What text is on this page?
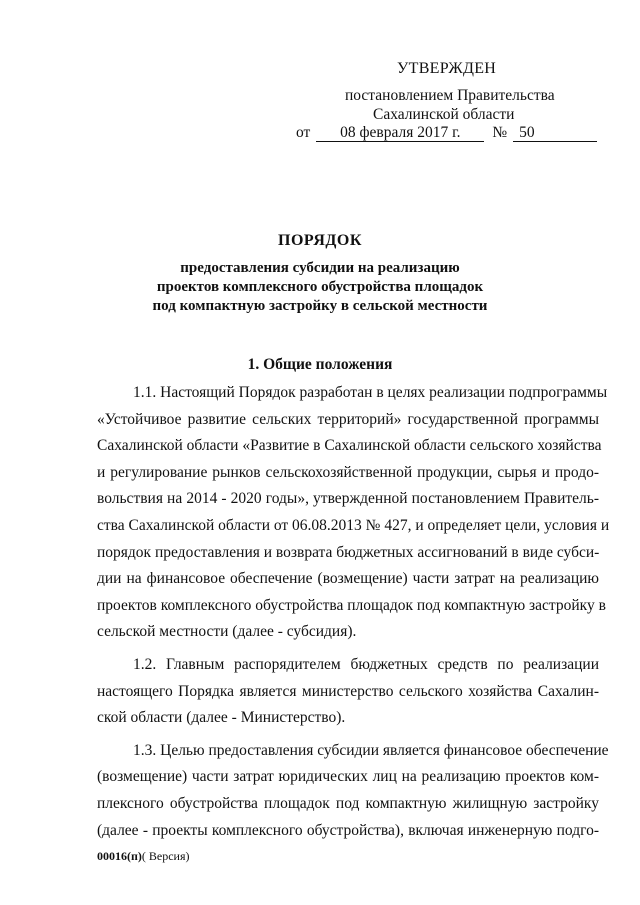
УТВЕРЖДЕН
постановлением Правительства
Сахалинской области
от 08 февраля 2017 г. № 50
ПОРЯДОК
предоставления субсидии на реализацию
проектов комплексного обустройства площадок
под компактную застройку в сельской местности
1. Общие положения
1.1. Настоящий Порядок разработан в целях реализации подпрограммы
«Устойчивое развитие сельских территорий» государственной программы
Сахалинской области «Развитие в Сахалинской области сельского хозяйства
и регулирование рынков сельскохозяйственной продукции, сырья и продо-
вольствия на 2014 - 2020 годы», утвержденной постановлением Правитель-
ства Сахалинской области от 06.08.2013 № 427, и определяет цели, условия и
порядок предоставления и возврата бюджетных ассигнований в виде субси-
дии на финансовое обеспечение (возмещение) части затрат на реализацию
проектов комплексного обустройства площадок под компактную застройку в
сельской местности (далее - субсидия).
1.2. Главным распорядителем бюджетных средств по реализации
настоящего Порядка является министерство сельского хозяйства Сахалин-
ской области (далее - Министерство).
1.3. Целью предоставления субсидии является финансовое обеспечение
(возмещение) части затрат юридических лиц на реализацию проектов ком-
плексного обустройства площадок под компактную жилищную застройку
(далее - проекты комплексного обустройства), включая инженерную подго-
00016(п)( Версия)
